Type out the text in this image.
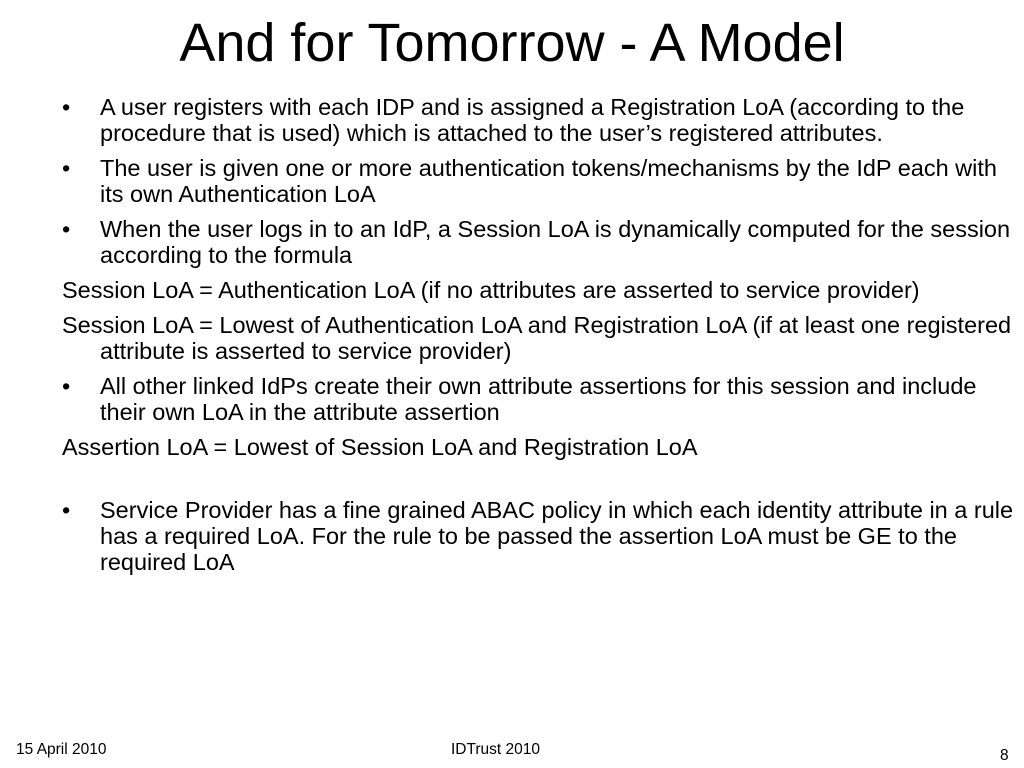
And for Tomorrow - A Model
• A user registers with each IDP and is assigned a Registration LoA (according to the procedure that is used) which is attached to the user’s registered attributes.
• The user is given one or more authentication tokens/mechanisms by the IdP each with its own Authentication LoA
• When the user logs in to an IdP, a Session LoA is dynamically computed for the session according to the formula
Session LoA = Authentication LoA (if no attributes are asserted to service provider)
Session LoA = Lowest of Authentication LoA and Registration LoA (if at least one registered attribute is asserted to service provider)
• All other linked IdPs create their own attribute assertions for this session and include their own LoA in the attribute assertion
Assertion LoA = Lowest of Session LoA and Registration LoA
• Service Provider has a fine grained ABAC policy in which each identity attribute in a rule has a required LoA. For the rule to be passed the assertion LoA must be GE to the required LoA
15 April 2010	IDTrust 2010	8
